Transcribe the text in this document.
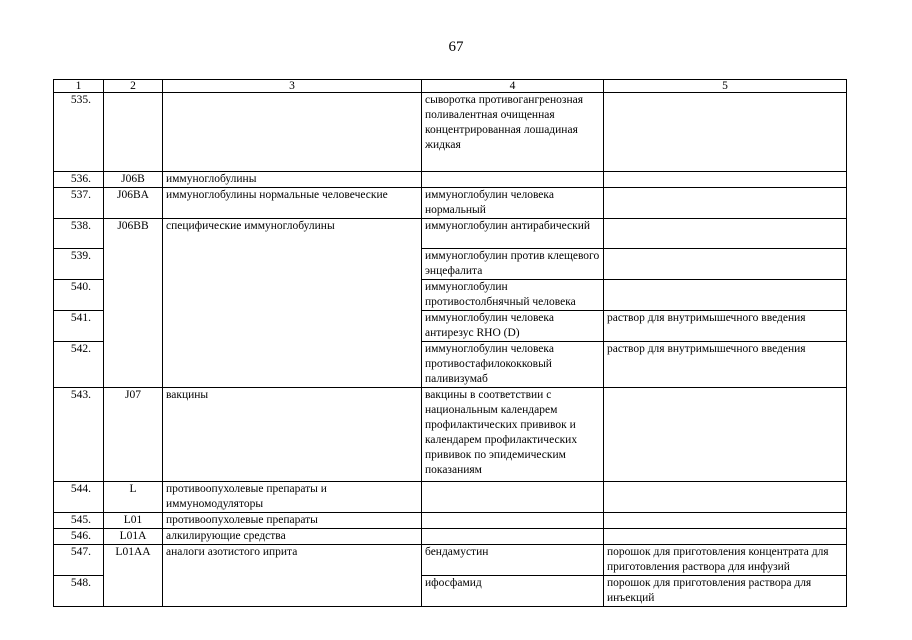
67
1	2	3	4	5
535.			сыворотка противогангренозная поливалентная очищенная концентрированная лошадиная жидкая	
536.	J06B	иммуноглобулины		
537.	J06BA	иммуноглобулины нормальные человеческие	иммуноглобулин человека нормальный	
538.	J06BB	специфические иммуноглобулины	иммуноглобулин антирабический	
539.			иммуноглобулин против клещевого энцефалита	
540.			иммуноглобулин противостолбнячный человека	
541.			иммуноглобулин человека антирезус RHO (D)	раствор для внутримышечного введения
542.			иммуноглобулин человека противостафилококковый паливизумаб	раствор для внутримышечного введения
543.	J07	вакцины	вакцины в соответствии с национальным календарем профилактических прививок и календарем профилактических прививок по эпидемическим показаниям	
544.	L	противоопухолевые препараты и иммуномодуляторы		
545.	L01	противоопухолевые препараты		
546.	L01A	алкилирующие средства		
547.	L01AA	аналоги азотистого иприта	бендамустин	порошок для приготовления концентрата для приготовления раствора для инфузий
548.			ифосфамид	порошок для приготовления раствора для инъекций
